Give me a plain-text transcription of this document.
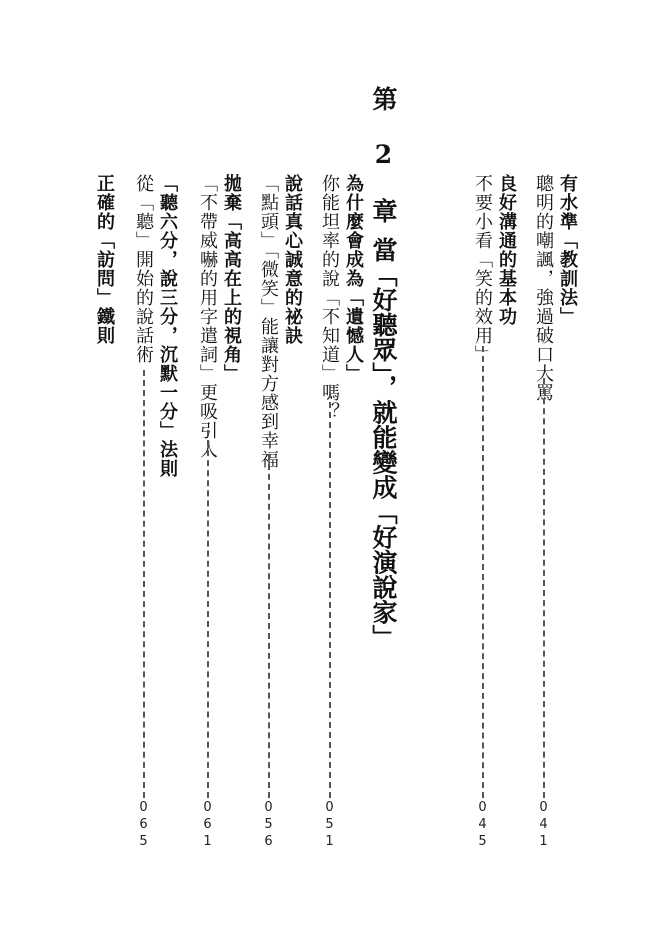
第 2 章當「好聽眾」，就能變成「好演說家」	有水準「教訓法」
聰明的嘲諷，強過破口大罵
041
良好溝通的基本功
不要小看「笑的效用」
045
為什麼會成為「遺憾人」
你能坦率的說「不知道」嗎？
051
說話真心誠意的祕訣
「點頭」「微笑」能讓對方感到幸福
056
拋棄「高高在上的視角」
「不帶威嚇的用字遣詞」更吸引人
061
「聽六分，說三分，沉默一分」法則
從「聽」開始的說話術
065
正確的「訪問」鐵則
